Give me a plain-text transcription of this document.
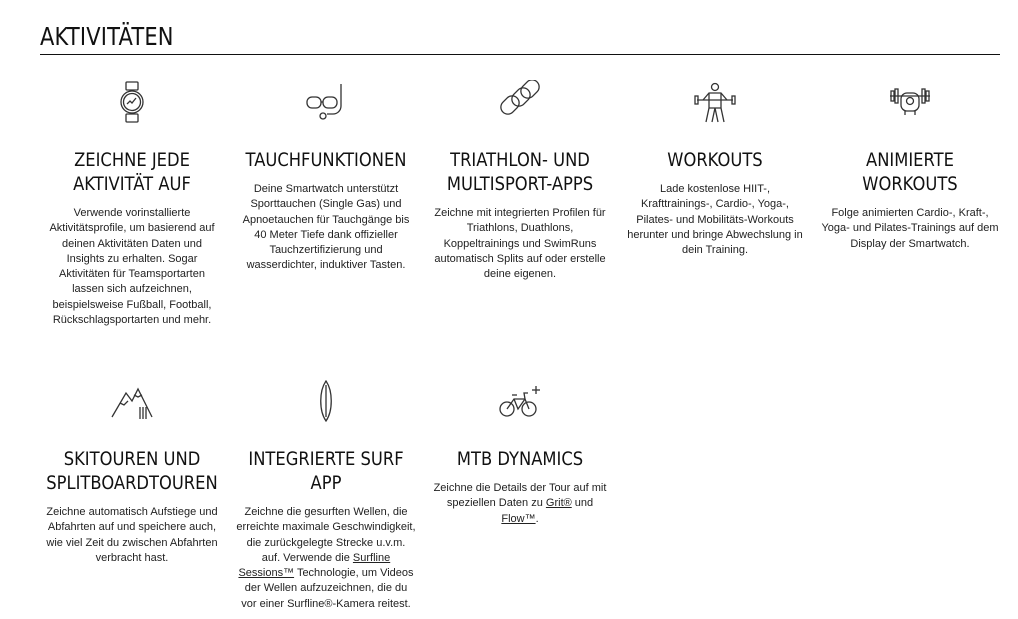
AKTIVITÄTEN
ZEICHNE JEDE AKTIVITÄT AUF

Verwende vorinstallierte Aktivitätsprofile, um basierend auf deinen Aktivitäten Daten und Insights zu erhalten. Sogar Aktivitäten für Teamsportarten lassen sich aufzeichnen, beispielsweise Fußball, Football, Rückschlagsportarten und mehr.

TAUCHFUNKTIONEN

Deine Smartwatch unterstützt Sporttauchen (Single Gas) und Apnoetauchen für Tauchgänge bis 40 Meter Tiefe dank offizieller Tauchzertifizierung und wasserdichter, induktiver Tasten.

TRIATHLON- UND MULTISPORT-APPS

Zeichne mit integrierten Profilen für Triathlons, Duathlons, Koppeltrainings und SwimRuns automatisch Splits auf oder erstelle deine eigenen.

WORKOUTS

Lade kostenlose HIIT-, Krafttrainings-, Cardio-, Yoga-, Pilates- und Mobilitäts-Workouts herunter und bringe Abwechslung in dein Training.

ANIMIERTE WORKOUTS

Folge animierten Cardio-, Kraft-, Yoga- und Pilates-Trainings auf dem Display der Smartwatch.

SKITOUREN UND SPLITBOARDTOUREN

Zeichne automatisch Aufstiege und Abfahrten auf und speichere auch, wie viel Zeit du zwischen Abfahrten verbracht hast.

INTEGRIERTE SURF APP

Zeichne die gesurften Wellen, die erreichte maximale Geschwindigkeit, die zurückgelegte Strecke u.v.m. auf. Verwende die Surfline Sessions™ Technologie, um Videos der Wellen aufzuzeichnen, die du vor einer Surfline®-Kamera reitest.

MTB DYNAMICS

Zeichne die Details der Tour auf mit speziellen Daten zu Grit® und Flow™.
